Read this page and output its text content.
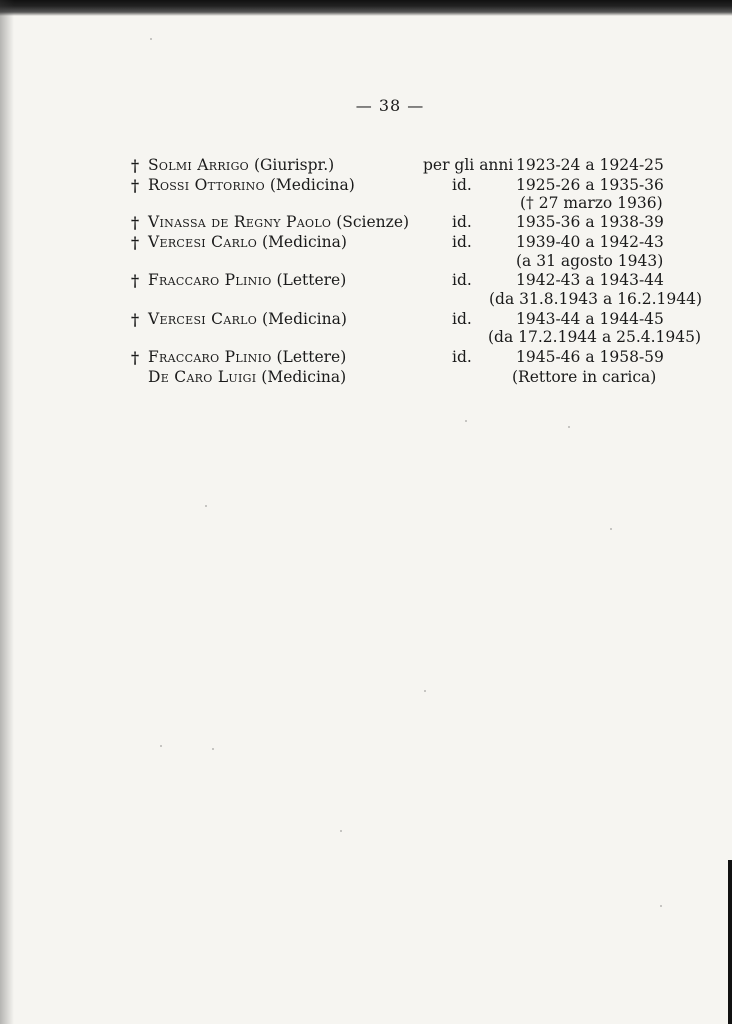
— 38 —
† Solmi Arrigo (Giurispr.)	per gli anni 1923-24 a 1924-25
† Rossi Ottorino (Medicina)	id.	1925-26 a 1935-36
(† 27 marzo 1936)
† Vinassa de Regny Paolo (Scienze)	id.	1935-36 a 1938-39
† Vercesi Carlo (Medicina)	id.	1939-40 a 1942-43
(a 31 agosto 1943)
† Fraccaro Plinio (Lettere)	id.	1942-43 a 1943-44
(da 31.8.1943 a 16.2.1944)
† Vercesi Carlo (Medicina)	id.	1943-44 a 1944-45
(da 17.2.1944 a 25.4.1945)
† Fraccaro Plinio (Lettere)	id.	1945-46 a 1958-59
De Caro Luigi (Medicina)	(Rettore in carica)
